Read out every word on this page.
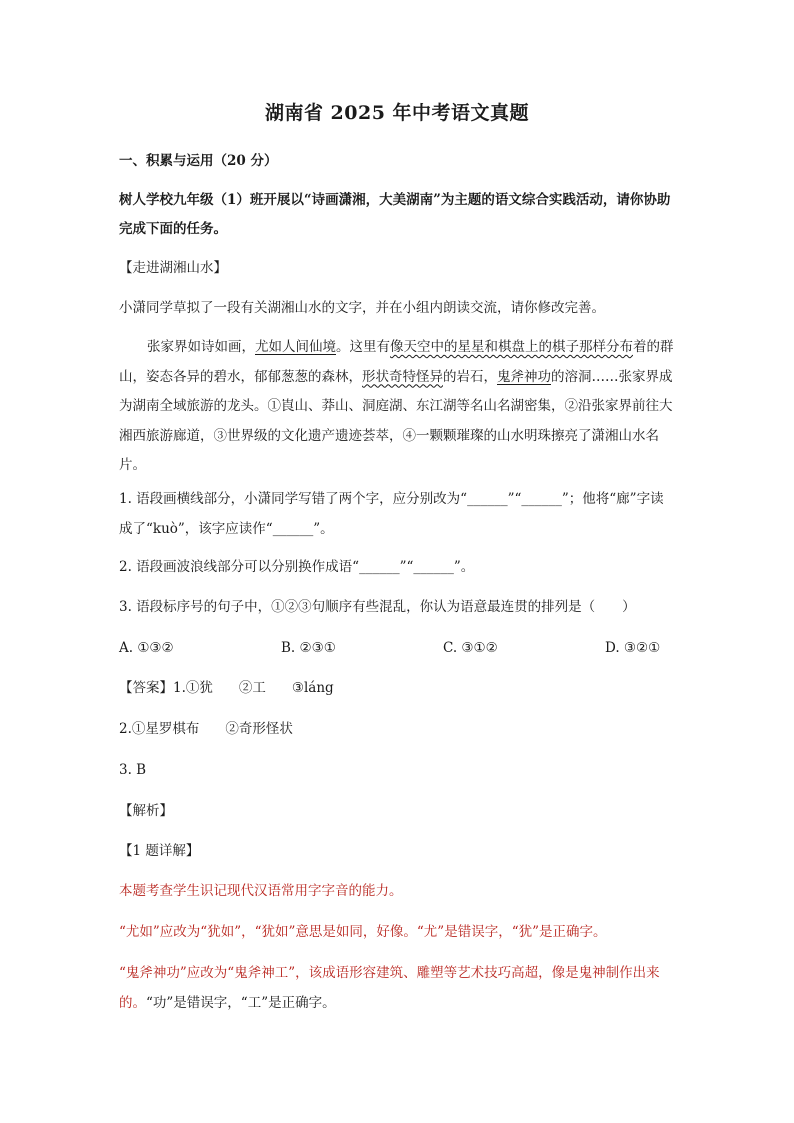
湖南省 2025 年中考语文真题
一、积累与运用（20 分）
树人学校九年级（1）班开展以“诗画潇湘，大美湖南”为主题的语文综合实践活动，请你协助完成下面的任务。
【走进湖湘山水】
小潇同学草拟了一段有关湖湘山水的文字，并在小组内朗读交流，请你修改完善。
张家界如诗如画，尤如人间仙境。这里有像天空中的星星和棋盘上的棋子那样分布着的群山，姿态各异的碧水，郁郁葱葱的森林，形状奇特怪异的岩石，鬼斧神功的溶洞……张家界成为湖南全域旅游的龙头。①崀山、莽山、洞庭湖、东江湖等名山名湖密集，②沿张家界前往大湘西旅游廊道，③世界级的文化遗产遗迹荟萃，④一颗颗璀璨的山水明珠擦亮了潇湘山水名片。
1. 语段画横线部分，小潇同学写错了两个字，应分别改为“______”“______”；他将“廊”字读成了“kuò”，该字应读作“______”。
2. 语段画波浪线部分可以分别换作成语“______”“______”。
3. 语段标序号的句子中，①②③句顺序有些混乱，你认为语意最连贯的排列是（　　）
A. ①③②	B. ②③①	C. ③①②	D. ③②①
【答案】1.①犹 ②工 ③láng
2.①星罗棋布 ②奇形怪状
3. B
【解析】
【1 题详解】
本题考查学生识记现代汉语常用字字音的能力。
“尤如”应改为“犹如”，“犹如”意思是如同，好像。“尤”是错误字，“犹”是正确字。
“鬼斧神功”应改为“鬼斧神工”，该成语形容建筑、雕塑等艺术技巧高超，像是鬼神制作出来的。“功”是错误字，“工”是正确字。
